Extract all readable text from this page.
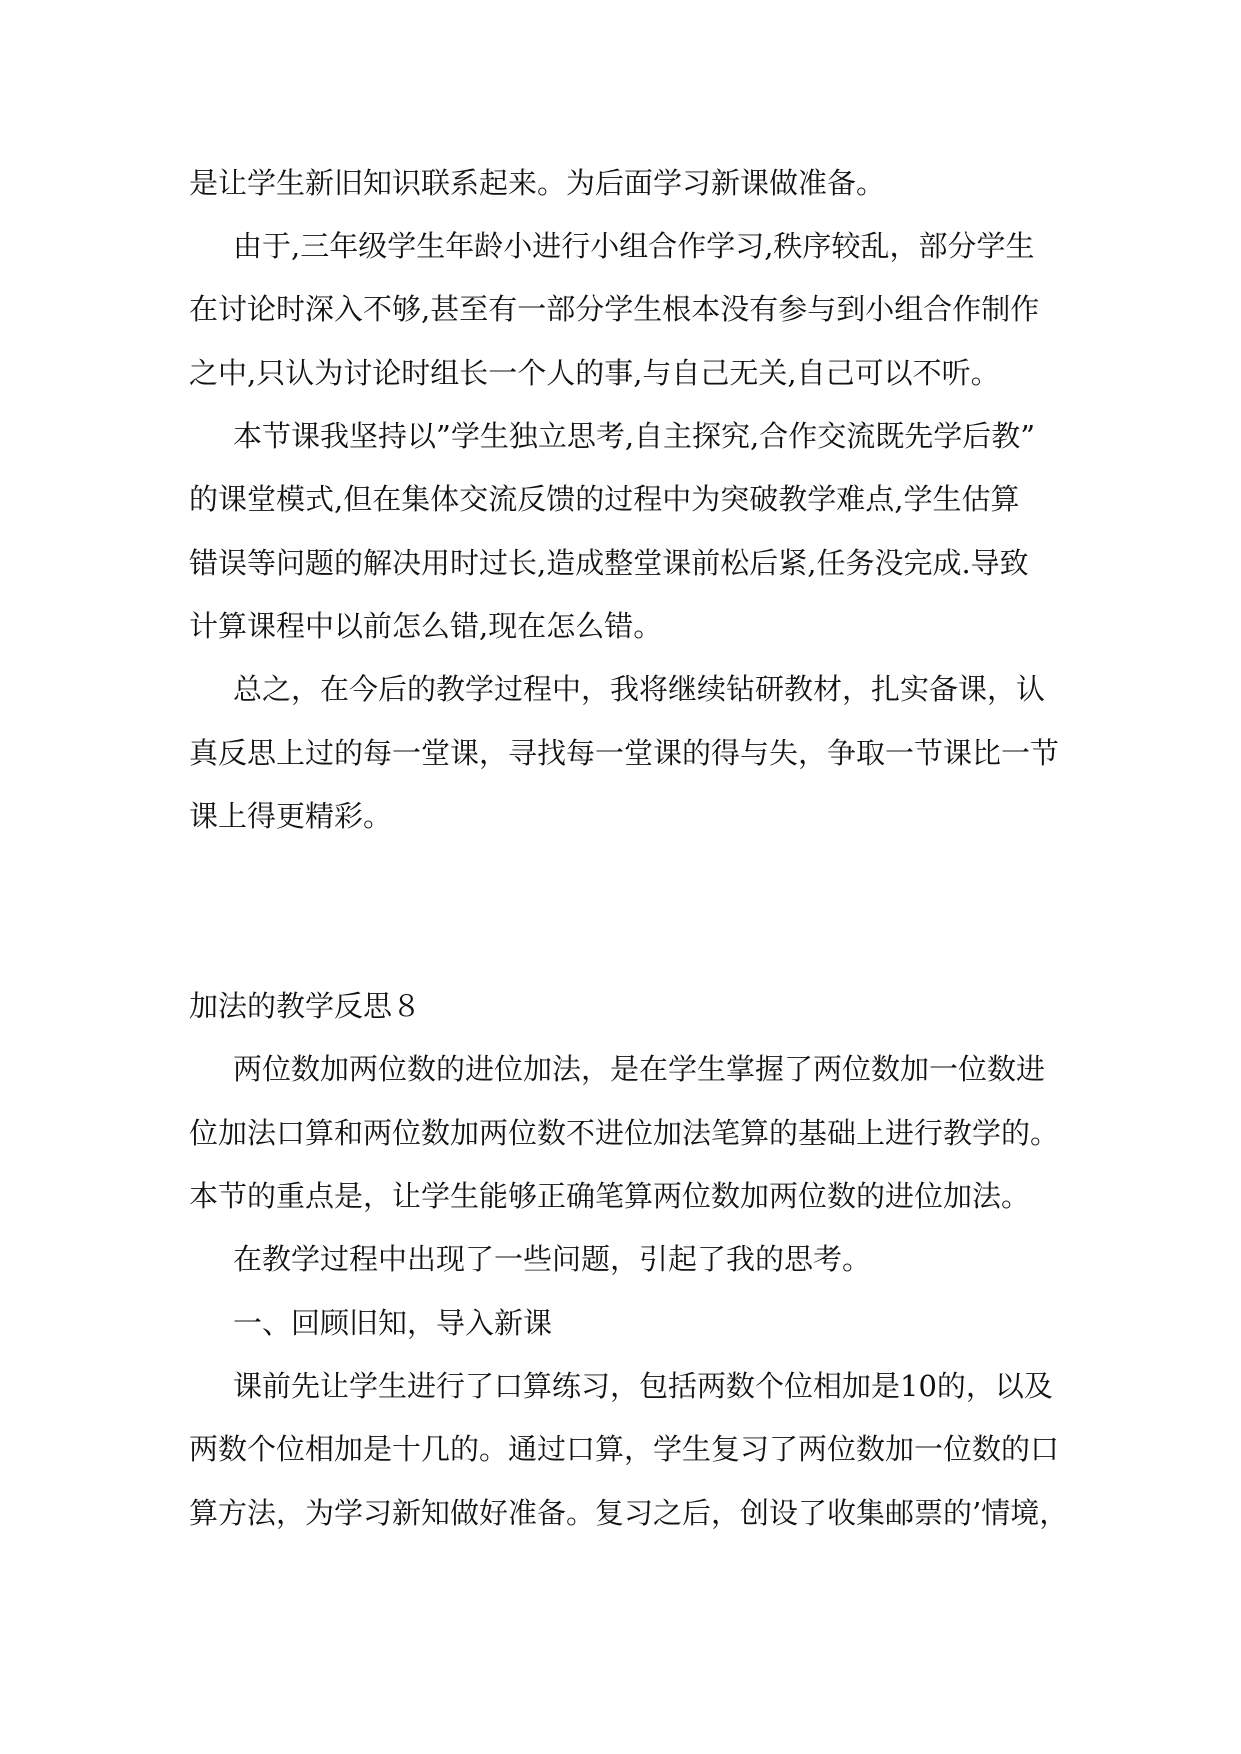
是让学生新旧知识联系起来。为后面学习新课做准备。
由于,三年级学生年龄小进行小组合作学习,秩序较乱，部分学生
在讨论时深入不够,甚至有一部分学生根本没有参与到小组合作制作
之中,只认为讨论时组长一个人的事,与自己无关,自己可以不听。
本节课我坚持以”学生独立思考,自主探究,合作交流既先学后教”
的课堂模式,但在集体交流反馈的过程中为突破教学难点,学生估算
错误等问题的解决用时过长,造成整堂课前松后紧,任务没完成.导致
计算课程中以前怎么错,现在怎么错。
总之，在今后的教学过程中，我将继续钻研教材，扎实备课，认
真反思上过的每一堂课，寻找每一堂课的得与失，争取一节课比一节
课上得更精彩。
加法的教学反思８
两位数加两位数的进位加法，是在学生掌握了两位数加一位数进
位加法口算和两位数加两位数不进位加法笔算的基础上进行教学的。
本节的重点是，让学生能够正确笔算两位数加两位数的进位加法。
在教学过程中出现了一些问题，引起了我的思考。
一、回顾旧知，导入新课
课前先让学生进行了口算练习，包括两数个位相加是10的，以及
两数个位相加是十几的。通过口算，学生复习了两位数加一位数的口
算方法，为学习新知做好准备。复习之后，创设了收集邮票的’情境，
